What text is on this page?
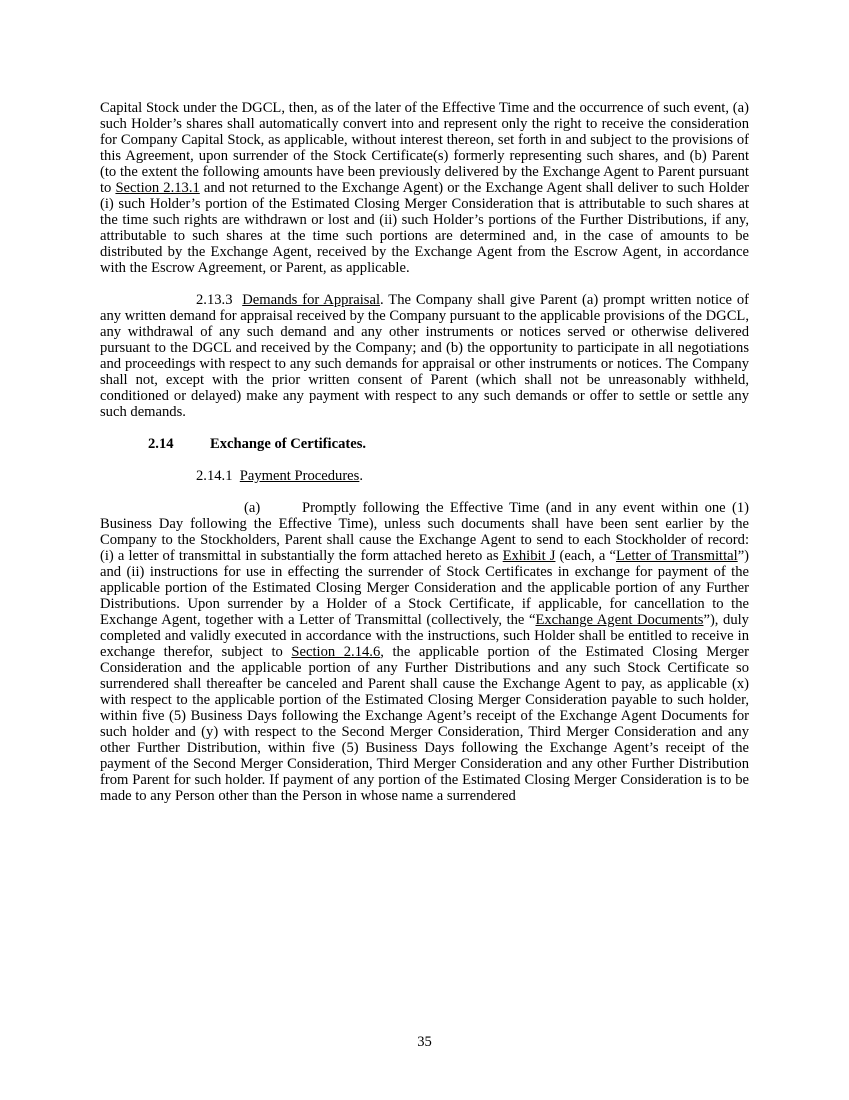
Capital Stock under the DGCL, then, as of the later of the Effective Time and the occurrence of such event, (a) such Holder’s shares shall automatically convert into and represent only the right to receive the consideration for Company Capital Stock, as applicable, without interest thereon, set forth in and subject to the provisions of this Agreement, upon surrender of the Stock Certificate(s) formerly representing such shares, and (b) Parent (to the extent the following amounts have been previously delivered by the Exchange Agent to Parent pursuant to Section 2.13.1 and not returned to the Exchange Agent) or the Exchange Agent shall deliver to such Holder (i) such Holder’s portion of the Estimated Closing Merger Consideration that is attributable to such shares at the time such rights are withdrawn or lost and (ii) such Holder’s portions of the Further Distributions, if any, attributable to such shares at the time such portions are determined and, in the case of amounts to be distributed by the Exchange Agent, received by the Exchange Agent from the Escrow Agent, in accordance with the Escrow Agreement, or Parent, as applicable.

2.13.3 Demands for Appraisal. The Company shall give Parent (a) prompt written notice of any written demand for appraisal received by the Company pursuant to the applicable provisions of the DGCL, any withdrawal of any such demand and any other instruments or notices served or otherwise delivered pursuant to the DGCL and received by the Company; and (b) the opportunity to participate in all negotiations and proceedings with respect to any such demands for appraisal or other instruments or notices. The Company shall not, except with the prior written consent of Parent (which shall not be unreasonably withheld, conditioned or delayed) make any payment with respect to any such demands or offer to settle or settle any such demands.

2.14 Exchange of Certificates.
2.14.1 Payment Procedures.

(a)	Promptly following the Effective Time (and in any event within one (1) Business Day following the Effective Time), unless such documents shall have been sent earlier by the Company to the Stockholders, Parent shall cause the Exchange Agent to send to each Stockholder of record: (i) a letter of transmittal in substantially the form attached hereto as Exhibit J (each, a “Letter of Transmittal”) and (ii) instructions for use in effecting the surrender of Stock Certificates in exchange for payment of the applicable portion of the Estimated Closing Merger Consideration and the applicable portion of any Further Distributions. Upon surrender by a Holder of a Stock Certificate, if applicable, for cancellation to the Exchange Agent, together with a Letter of Transmittal (collectively, the “Exchange Agent Documents”), duly completed and validly executed in accordance with the instructions, such Holder shall be entitled to receive in exchange therefor, subject to Section 2.14.6, the applicable portion of the Estimated Closing Merger Consideration and the applicable portion of any Further Distributions and any such Stock Certificate so surrendered shall thereafter be canceled and Parent shall cause the Exchange Agent to pay, as applicable (x) with respect to the applicable portion of the Estimated Closing Merger Consideration payable to such holder, within five (5) Business Days following the Exchange Agent’s receipt of the Exchange Agent Documents for such holder and (y) with respect to the Second Merger Consideration, Third Merger Consideration and any other Further Distribution, within five (5) Business Days following the Exchange Agent’s receipt of the payment of the Second Merger Consideration, Third Merger Consideration and any other Further Distribution from Parent for such holder. If payment of any portion of the Estimated Closing Merger Consideration is to be made to any Person other than the Person in whose name a surrendered

35
